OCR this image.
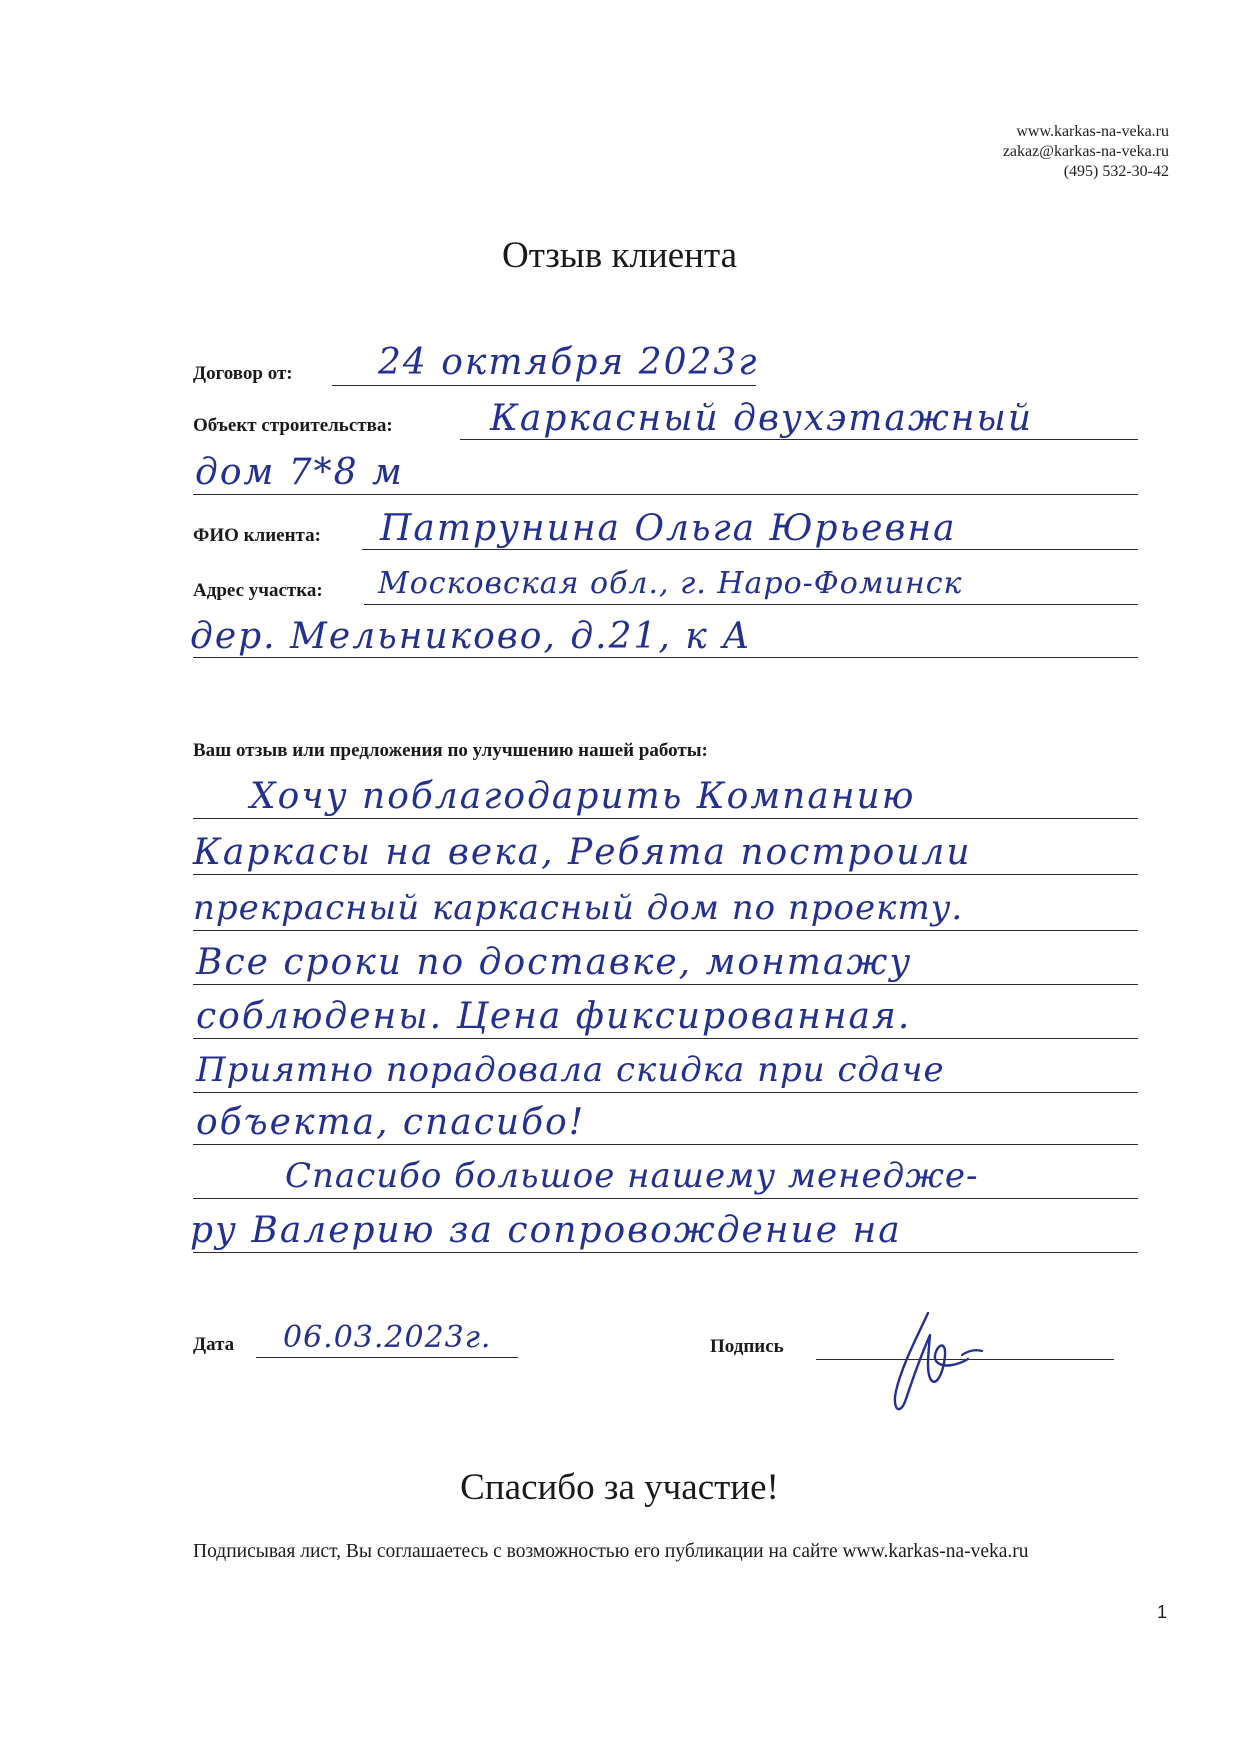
www.karkas-na-veka.ru
zakaz@karkas-na-veka.ru
(495) 532-30-42
Отзыв клиента
Договор от: 24 октября 2023г
Объект строительства:	Каркасный двухэтажный
дом 7*8 м
ФИО клиента: Патрунина Ольга Юрьевна
Адрес участка: Московская обл., г. Наро-Фоминск
дер. Мельниково, д.21, к А
Ваш отзыв или предложения по улучшению нашей работы:
Хочу поблагодарить Компанию
Каркасы на века, Ребята построили
прекрасный каркасный дом по проекту.
Все сроки по доставке, монтажу
соблюдены. Цена фиксированная.
Приятно порадовала скидка при сдаче
объекта, спасибо!
Спасибо большое нашему менедже-
ру Валерию за сопровождение на
Дата 06.03.2023г.	Подпись
Спасибо за участие!
Подписывая лист, Вы соглашаетесь с возможностью его публикации на сайте www.karkas-na-veka.ru
1
